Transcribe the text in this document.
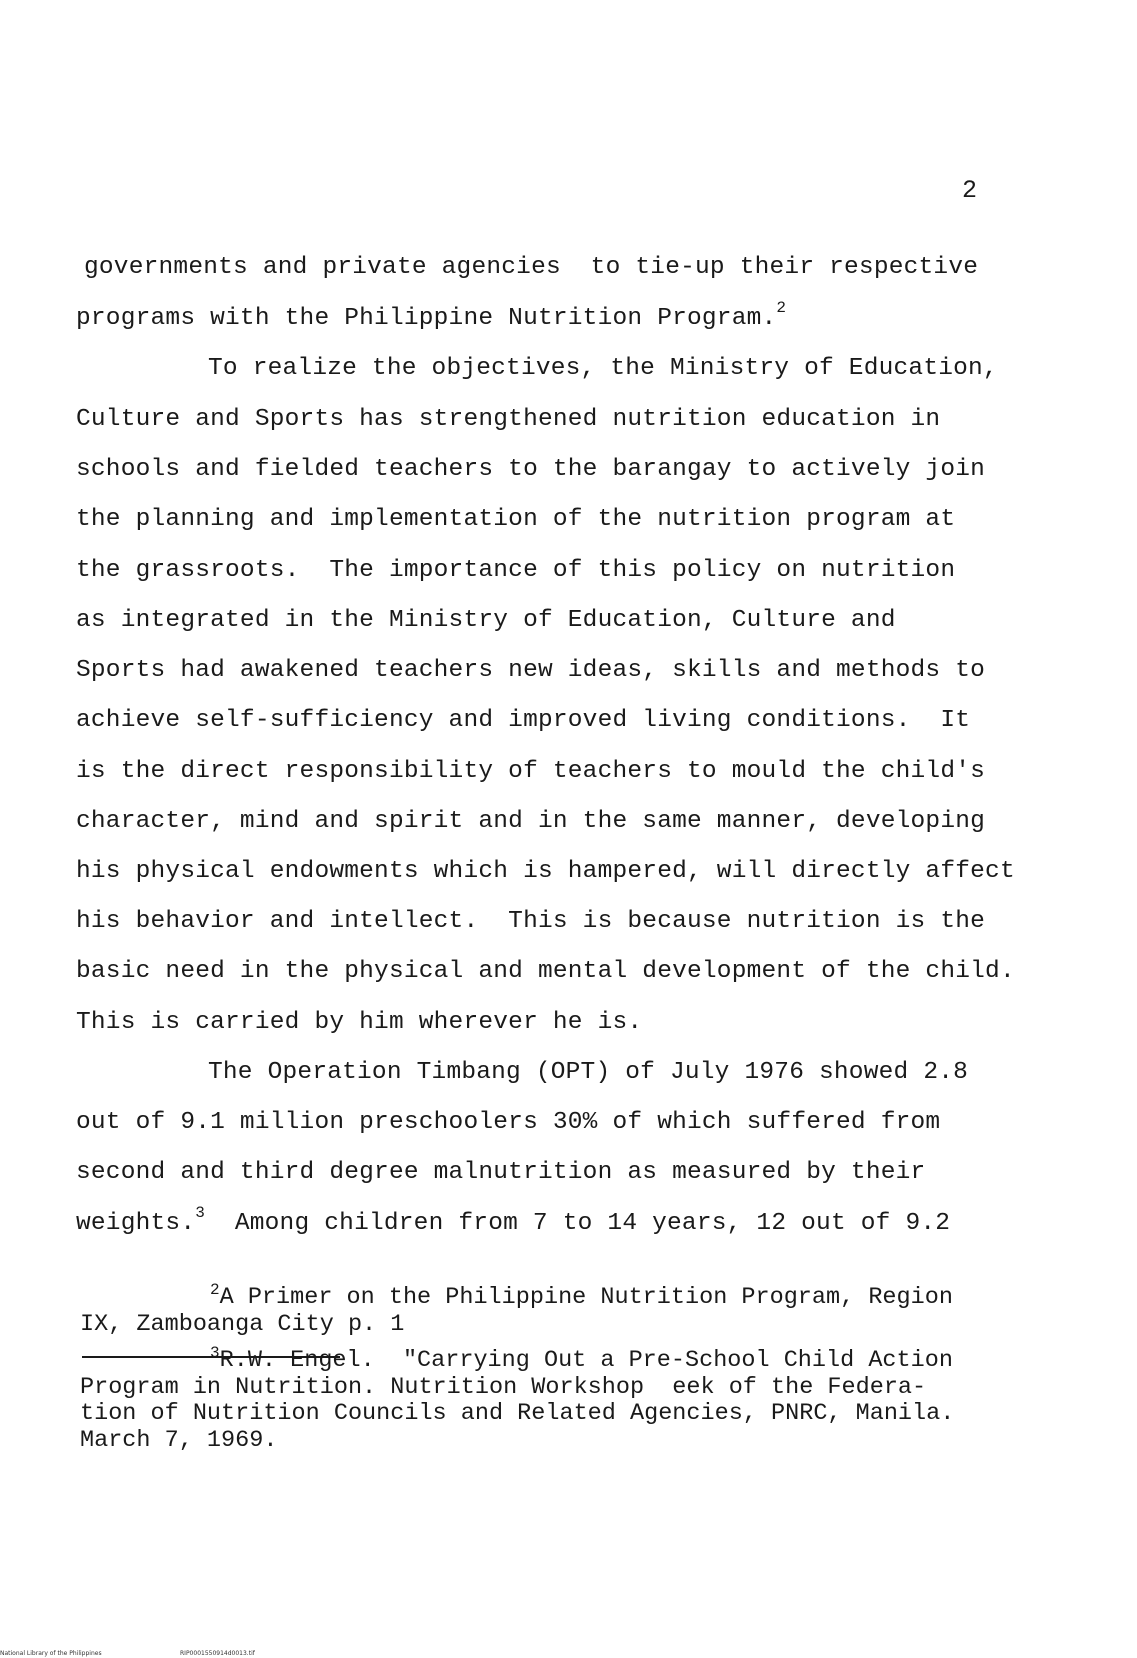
2
governments and private agencies  to tie-up their respective
programs with the Philippine Nutrition Program.$^2$
To realize the objectives, the Ministry of Education,
Culture and Sports has strengthened nutrition education in
schools and fielded teachers to the barangay to actively join
the planning and implementation of the nutrition program at
the grassroots.  The importance of this policy on nutrition
as integrated in the Ministry of Education, Culture and
Sports had awakened teachers new ideas, skills and methods to
achieve self-sufficiency and improved living conditions.  It
is the direct responsibility of teachers to mould the child's
character, mind and spirit and in the same manner, developing
his physical endowments which is hampered, will directly affect
his behavior and intellect.  This is because nutrition is the
basic need in the physical and mental development of the child.
This is carried by him wherever he is.
The Operation Timbang (OPT) of July 1976 showed 2.8
out of 9.1 million preschoolers 30% of which suffered from
second and third degree malnutrition as measured by their
weights.$^3$  Among children from 7 to 14 years, 12 out of 9.2
$^2$A Primer on the Philippine Nutrition Program, Region
IX, Zamboanga City p. 1
$^3$R.W. Engel.  "Carrying Out a Pre-School Child Action
Program in Nutrition. Nutrition Workshop  eek of the Federa-
tion of Nutrition Councils and Related Agencies, PNRC, Manila.
March 7, 1969.
National Library of the Philippines	RIP0001550914d0013.tif
